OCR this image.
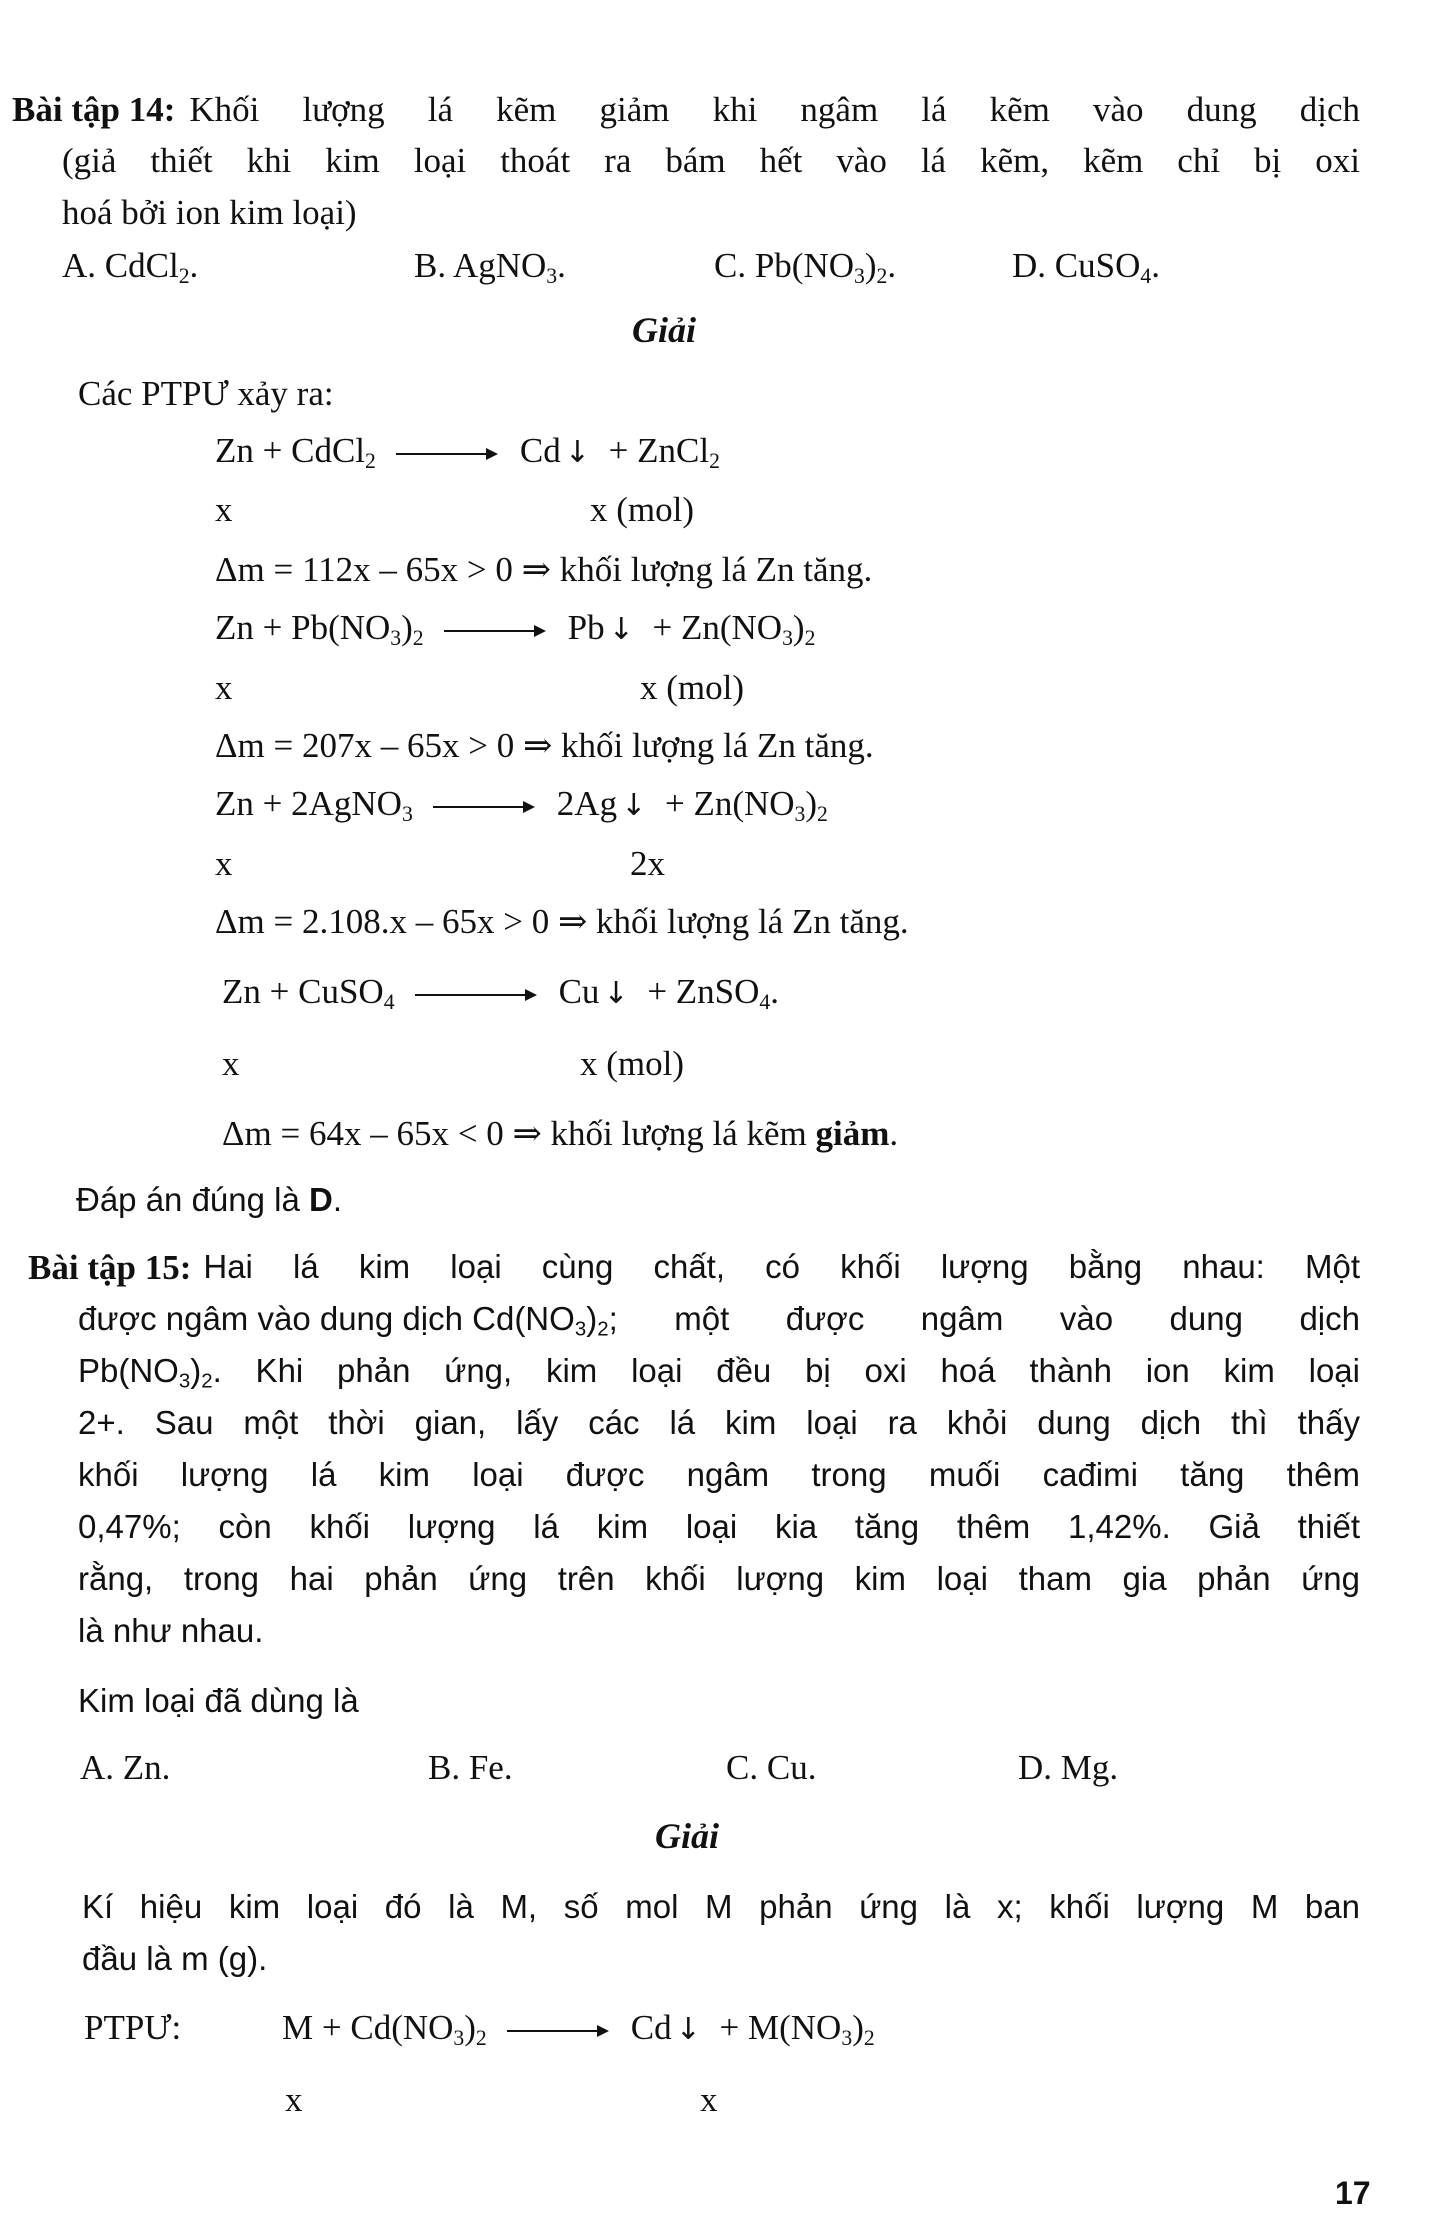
Bài tập 14: Khối lượng lá kẽm giảm khi ngâm lá kẽm vào dung dịch
(giả thiết khi kim loại thoát ra bám hết vào lá kẽm, kẽm chỉ bị oxi
hoá bởi ion kim loại)
A. CdCl$_2$.	B. AgNO$_3$.	C. $Pb(NO_3)_2$.	D. CuSO$_4$.
Giải
Các PTPƯ xảy ra:
Zn + CdCl$_2$	Cd ↓ + ZnCl$_2$
x	x (mol)
Δm = 112x – 65x > 0 ⇒ khối lượng lá Zn tăng.
$Zn + Pb(NO_3)_2$	Pb ↓ + $Zn(NO_3)_2$
x	x (mol)
Δm = 207x – 65x > 0 ⇒ khối lượng lá Zn tăng.
Zn + 2AgNO$_3$	2Ag ↓ + $Zn(NO_3)_2$
x	2x
Δm = 2.108.x – 65x > 0 ⇒ khối lượng lá Zn tăng.
Zn + CuSO$_4$	Cu ↓ + ZnSO$_4$.
x	x (mol)
Δm = 64x – 65x < 0 ⇒ khối lượng lá kẽm giảm.
Đáp án đúng là D.
Bài tập 15: Hai lá kim loại cùng chất, có khối lượng bằng nhau: Một
được ngâm vào dung dịch $Cd(NO_3)_2$ ; một được ngâm vào dung dịch
$Pb(NO_3)_2$ . Khi phản ứng, kim loại đều bị oxi hoá thành ion kim loại
2+. Sau một thời gian, lấy các lá kim loại ra khỏi dung dịch thì thấy
khối lượng lá kim loại được ngâm trong muối cađimi tăng thêm
0,47%; còn khối lượng lá kim loại kia tăng thêm 1,42%. Giả thiết
rằng, trong hai phản ứng trên khối lượng kim loại tham gia phản ứng
là như nhau.
Kim loại đã dùng là
A. Zn.	B. Fe.	C. Cu.	D. Mg.
Giải
Kí hiệu kim loại đó là M, số mol M phản ứng là x; khối lượng M ban
đầu là m (g).
PTPƯ:	$M + Cd(NO_3)_2$	Cd ↓ + $M(NO_3)_2$
x	x
17
